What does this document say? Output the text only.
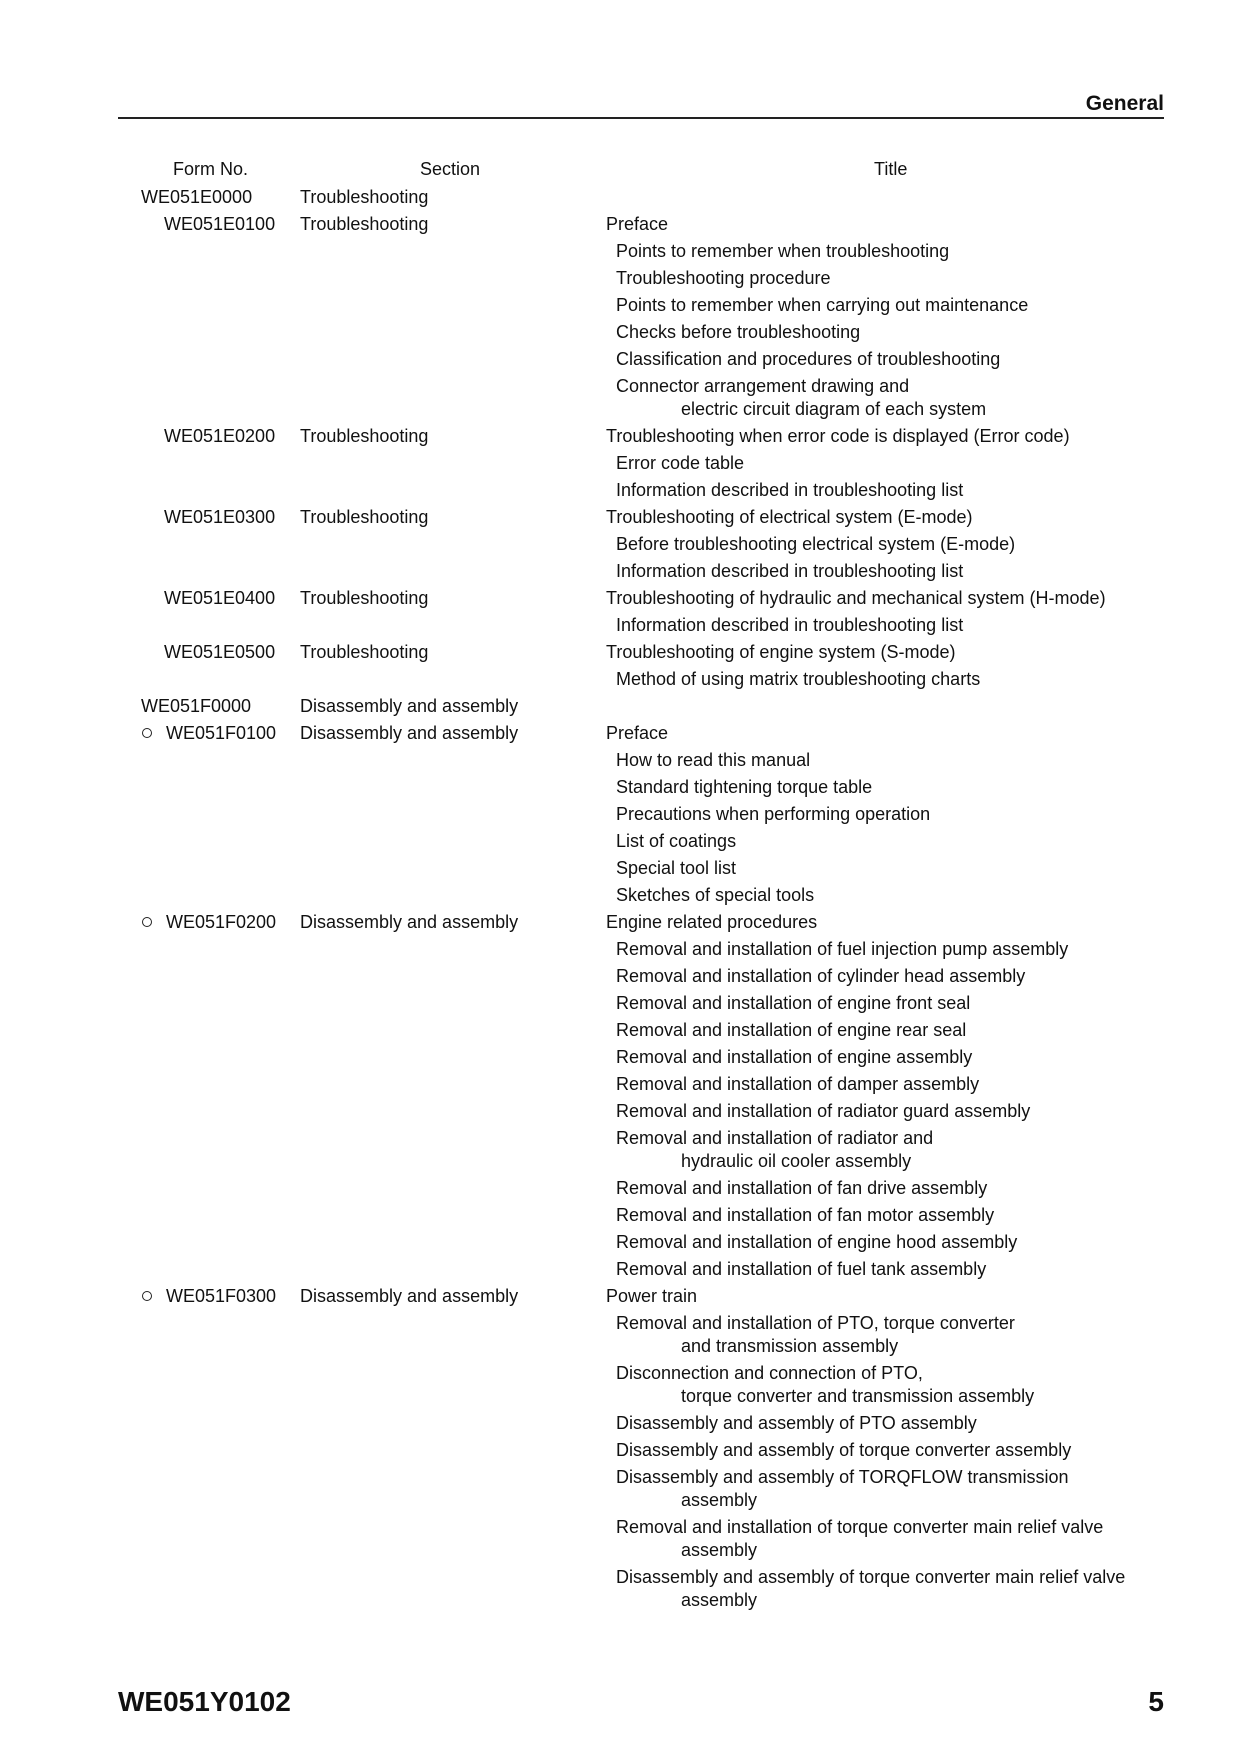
General
Form No.	Section	Title
WE051E0000	Troubleshooting
WE051E0100	Troubleshooting	Preface
Points to remember when troubleshooting
Troubleshooting procedure
Points to remember when carrying out maintenance
Checks before troubleshooting
Classification and procedures of troubleshooting
Connector arrangement drawing and
electric circuit diagram of each system
WE051E0200	Troubleshooting	Troubleshooting when error code is displayed (Error code)
Error code table
Information described in troubleshooting list
WE051E0300	Troubleshooting	Troubleshooting of electrical system (E-mode)
Before troubleshooting electrical system (E-mode)
Information described in troubleshooting list
WE051E0400	Troubleshooting	Troubleshooting of hydraulic and mechanical system (H-mode)
Information described in troubleshooting list
WE051E0500	Troubleshooting	Troubleshooting of engine system (S-mode)
Method of using matrix troubleshooting charts
WE051F0000	Disassembly and assembly
WE051F0100	Disassembly and assembly	Preface
How to read this manual
Standard tightening torque table
Precautions when performing operation
List of coatings
Special tool list
Sketches of special tools
WE051F0200	Disassembly and assembly	Engine related procedures
Removal and installation of fuel injection pump assembly
Removal and installation of cylinder head assembly
Removal and installation of engine front seal
Removal and installation of engine rear seal
Removal and installation of engine assembly
Removal and installation of damper assembly
Removal and installation of radiator guard assembly
Removal and installation of radiator and
hydraulic oil cooler assembly
Removal and installation of fan drive assembly
Removal and installation of fan motor assembly
Removal and installation of engine hood assembly
Removal and installation of fuel tank assembly
WE051F0300	Disassembly and assembly	Power train
Removal and installation of PTO, torque converter
and transmission assembly
Disconnection and connection of PTO,
torque converter and transmission assembly
Disassembly and assembly of PTO assembly
Disassembly and assembly of torque converter assembly
Disassembly and assembly of TORQFLOW transmission
assembly
Removal and installation of torque converter main relief valve
assembly
Disassembly and assembly of torque converter main relief valve
assembly
WE051Y0102	5
